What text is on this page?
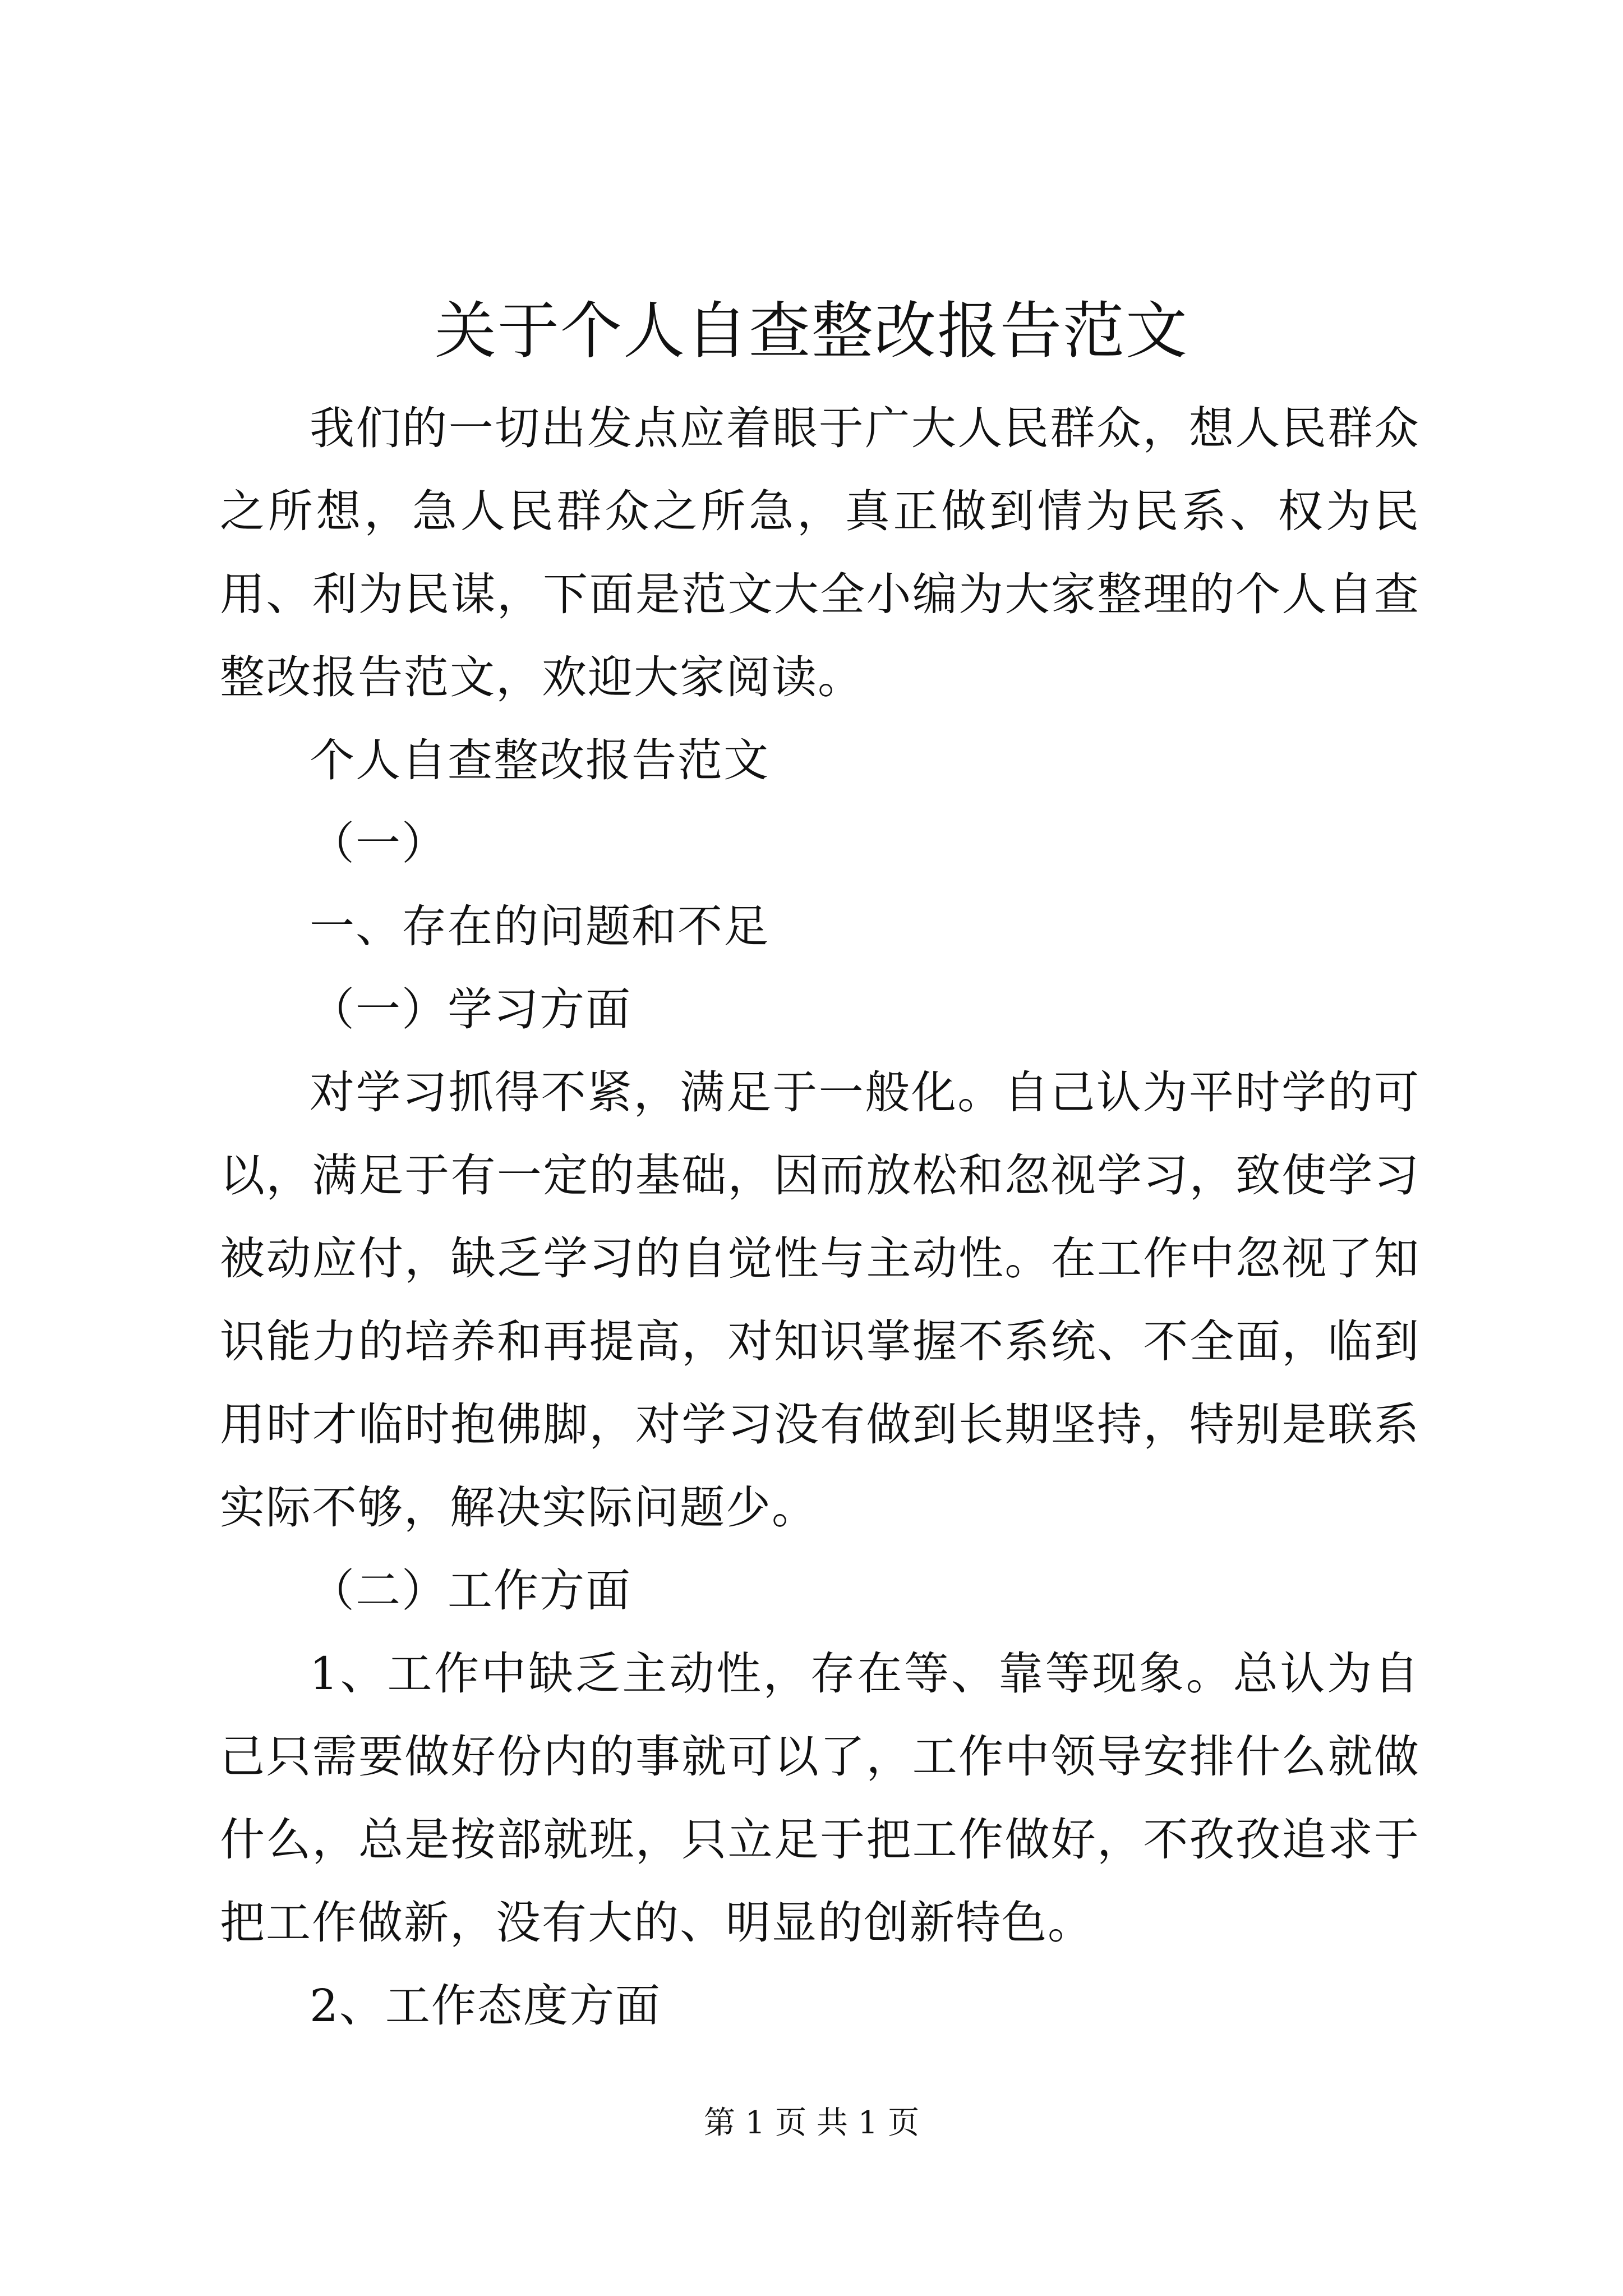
关于个人自查整改报告范文

我们的一切出发点应着眼于广大人民群众，想人民群众之所想，急人民群众之所急，真正做到情为民系、权为民用、利为民谋，下面是范文大全小编为大家整理的个人自查整改报告范文，欢迎大家阅读。

个人自查整改报告范文

（一）

一、存在的问题和不足

（一）学习方面

对学习抓得不紧，满足于一般化。自己认为平时学的可以，满足于有一定的基础，因而放松和忽视学习，致使学习被动应付，缺乏学习的自觉性与主动性。在工作中忽视了知识能力的培养和再提高，对知识掌握不系统、不全面，临到用时才临时抱佛脚，对学习没有做到长期坚持，特别是联系实际不够，解决实际问题少。

（二）工作方面

1、工作中缺乏主动性，存在等、靠等现象。总认为自己只需要做好份内的事就可以了，工作中领导安排什么就做什么，总是按部就班，只立足于把工作做好，不孜孜追求于把工作做新，没有大的、明显的创新特色。

2、工作态度方面

第 1 页 共 1 页
